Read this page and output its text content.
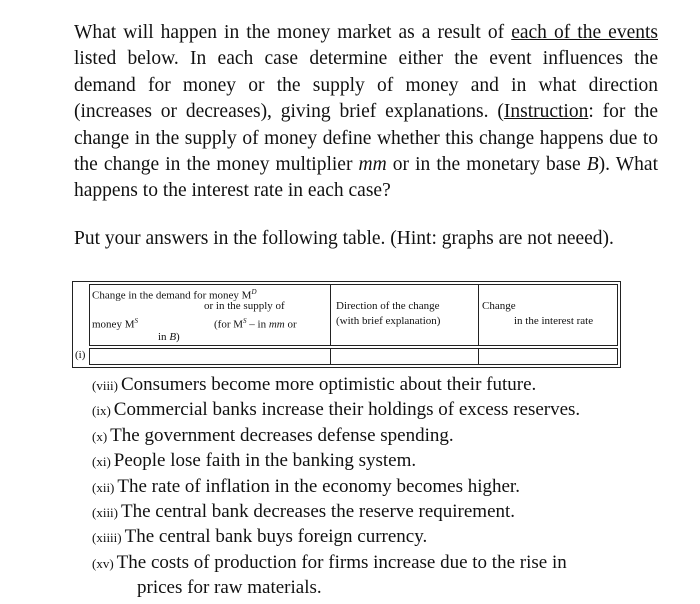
What will happen in the money market as a result of each of the events listed below. In each case determine either the event influences the demand for money or the supply of money and in what direction (increases or decreases), giving brief explanations. (Instruction: for the change in the supply of money define whether this change happens due to the change in the money multiplier mm or in the monetary base B). What happens to the interest rate in each case?

Put your answers in the following table. (Hint: graphs are not neeed).

(i)
Change in the demand for money $M^D$
or in the supply of
money $M^S$	(for $M^S$ – in mm or
in B)
Direction of the change
(with brief explanation)
Change
in the interest rate
(viii) Consumers become more optimistic about their future.
(ix) Commercial banks increase their holdings of excess reserves.
(x) The government decreases defense spending.
(xi) People lose faith in the banking system.
(xii) The rate of inflation in the economy becomes higher.
(xiii) The central bank decreases the reserve requirement.
(xiiii) The central bank buys foreign currency.
(xv) The costs of production for firms increase due to the rise in
prices for raw materials.
